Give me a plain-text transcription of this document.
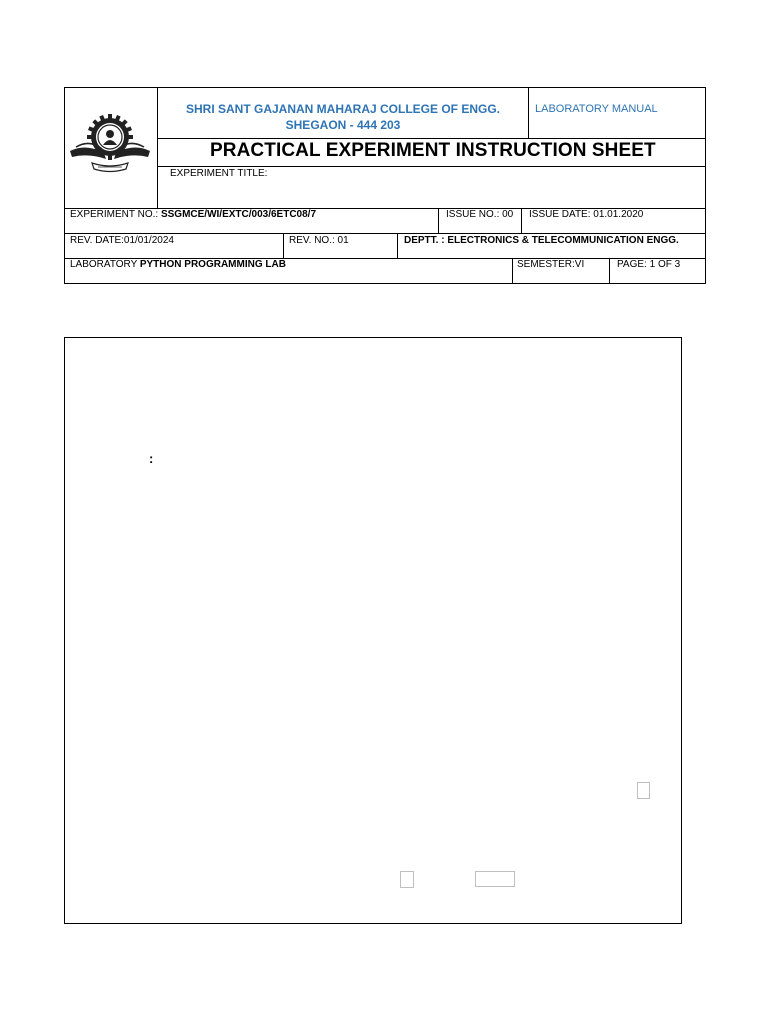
SHRI SANT GAJANAN MAHARAJ COLLEGE OF ENGG.
SHEGAON - 444 203
LABORATORY MANUAL
PRACTICAL EXPERIMENT INSTRUCTION SHEET
EXPERIMENT TITLE:
EXPERIMENT NO.: SSGMCE/WI/EXTC/003/6ETC08/7	ISSUE NO.: 00 ISSUE DATE: 01.01.2020
REV. DATE:01/01/2024	REV. NO.: 01	DEPTT. : ELECTRONICS & TELECOMMUNICATION ENGG.
LABORATORY PYTHON PROGRAMMING LAB	SEMESTER:VI	PAGE: 1 OF 3
:
